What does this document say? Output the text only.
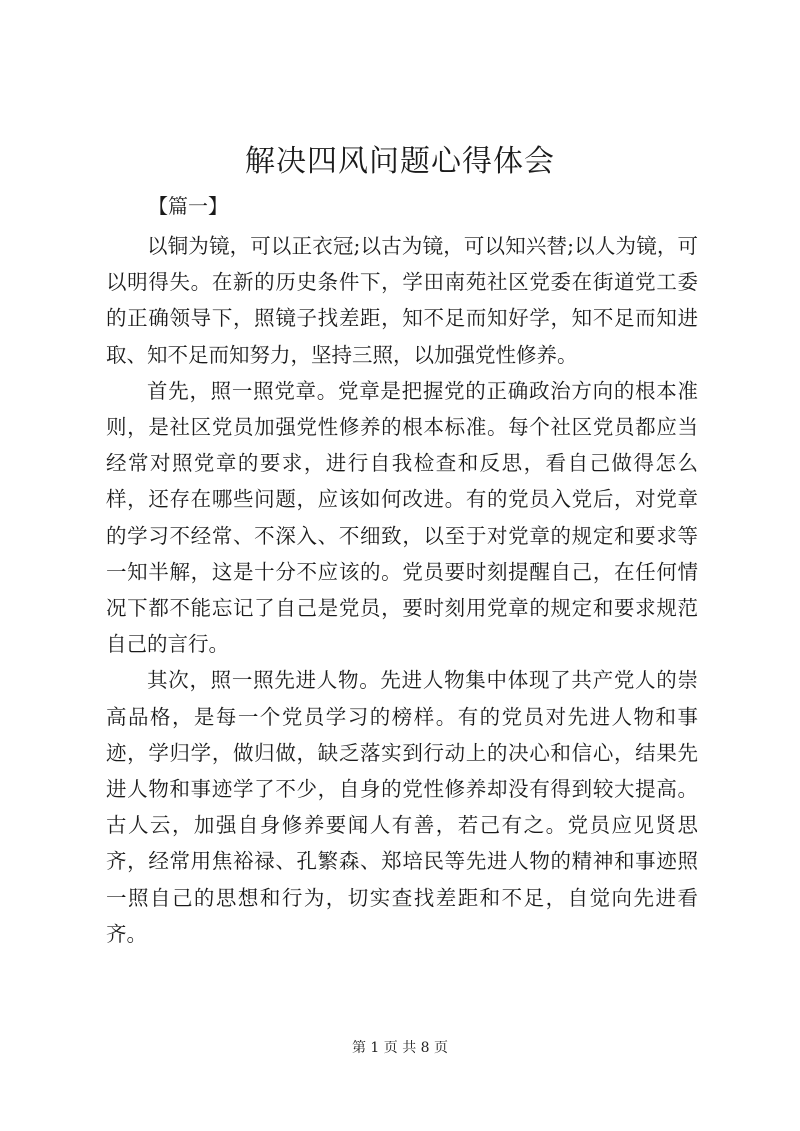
解决四风问题心得体会

【篇一】

以铜为镜，可以正衣冠;以古为镜，可以知兴替;以人为镜，可以明得失。在新的历史条件下，学田南苑社区党委在街道党工委的正确领导下，照镜子找差距，知不足而知好学，知不足而知进取、知不足而知努力，坚持三照，以加强党性修养。

首先，照一照党章。党章是把握党的正确政治方向的根本准则，是社区党员加强党性修养的根本标准。每个社区党员都应当经常对照党章的要求，进行自我检查和反思，看自己做得怎么样，还存在哪些问题，应该如何改进。有的党员入党后，对党章的学习不经常、不深入、不细致，以至于对党章的规定和要求等一知半解，这是十分不应该的。党员要时刻提醒自己，在任何情况下都不能忘记了自己是党员，要时刻用党章的规定和要求规范自己的言行。

其次，照一照先进人物。先进人物集中体现了共产党人的崇高品格，是每一个党员学习的榜样。有的党员对先进人物和事迹，学归学，做归做，缺乏落实到行动上的决心和信心，结果先进人物和事迹学了不少，自身的党性修养却没有得到较大提高。古人云，加强自身修养要闻人有善，若己有之。党员应见贤思齐，经常用焦裕禄、孔繁森、郑培民等先进人物的精神和事迹照一照自己的思想和行为，切实查找差距和不足，自觉向先进看齐。

第 1 页 共 8 页
